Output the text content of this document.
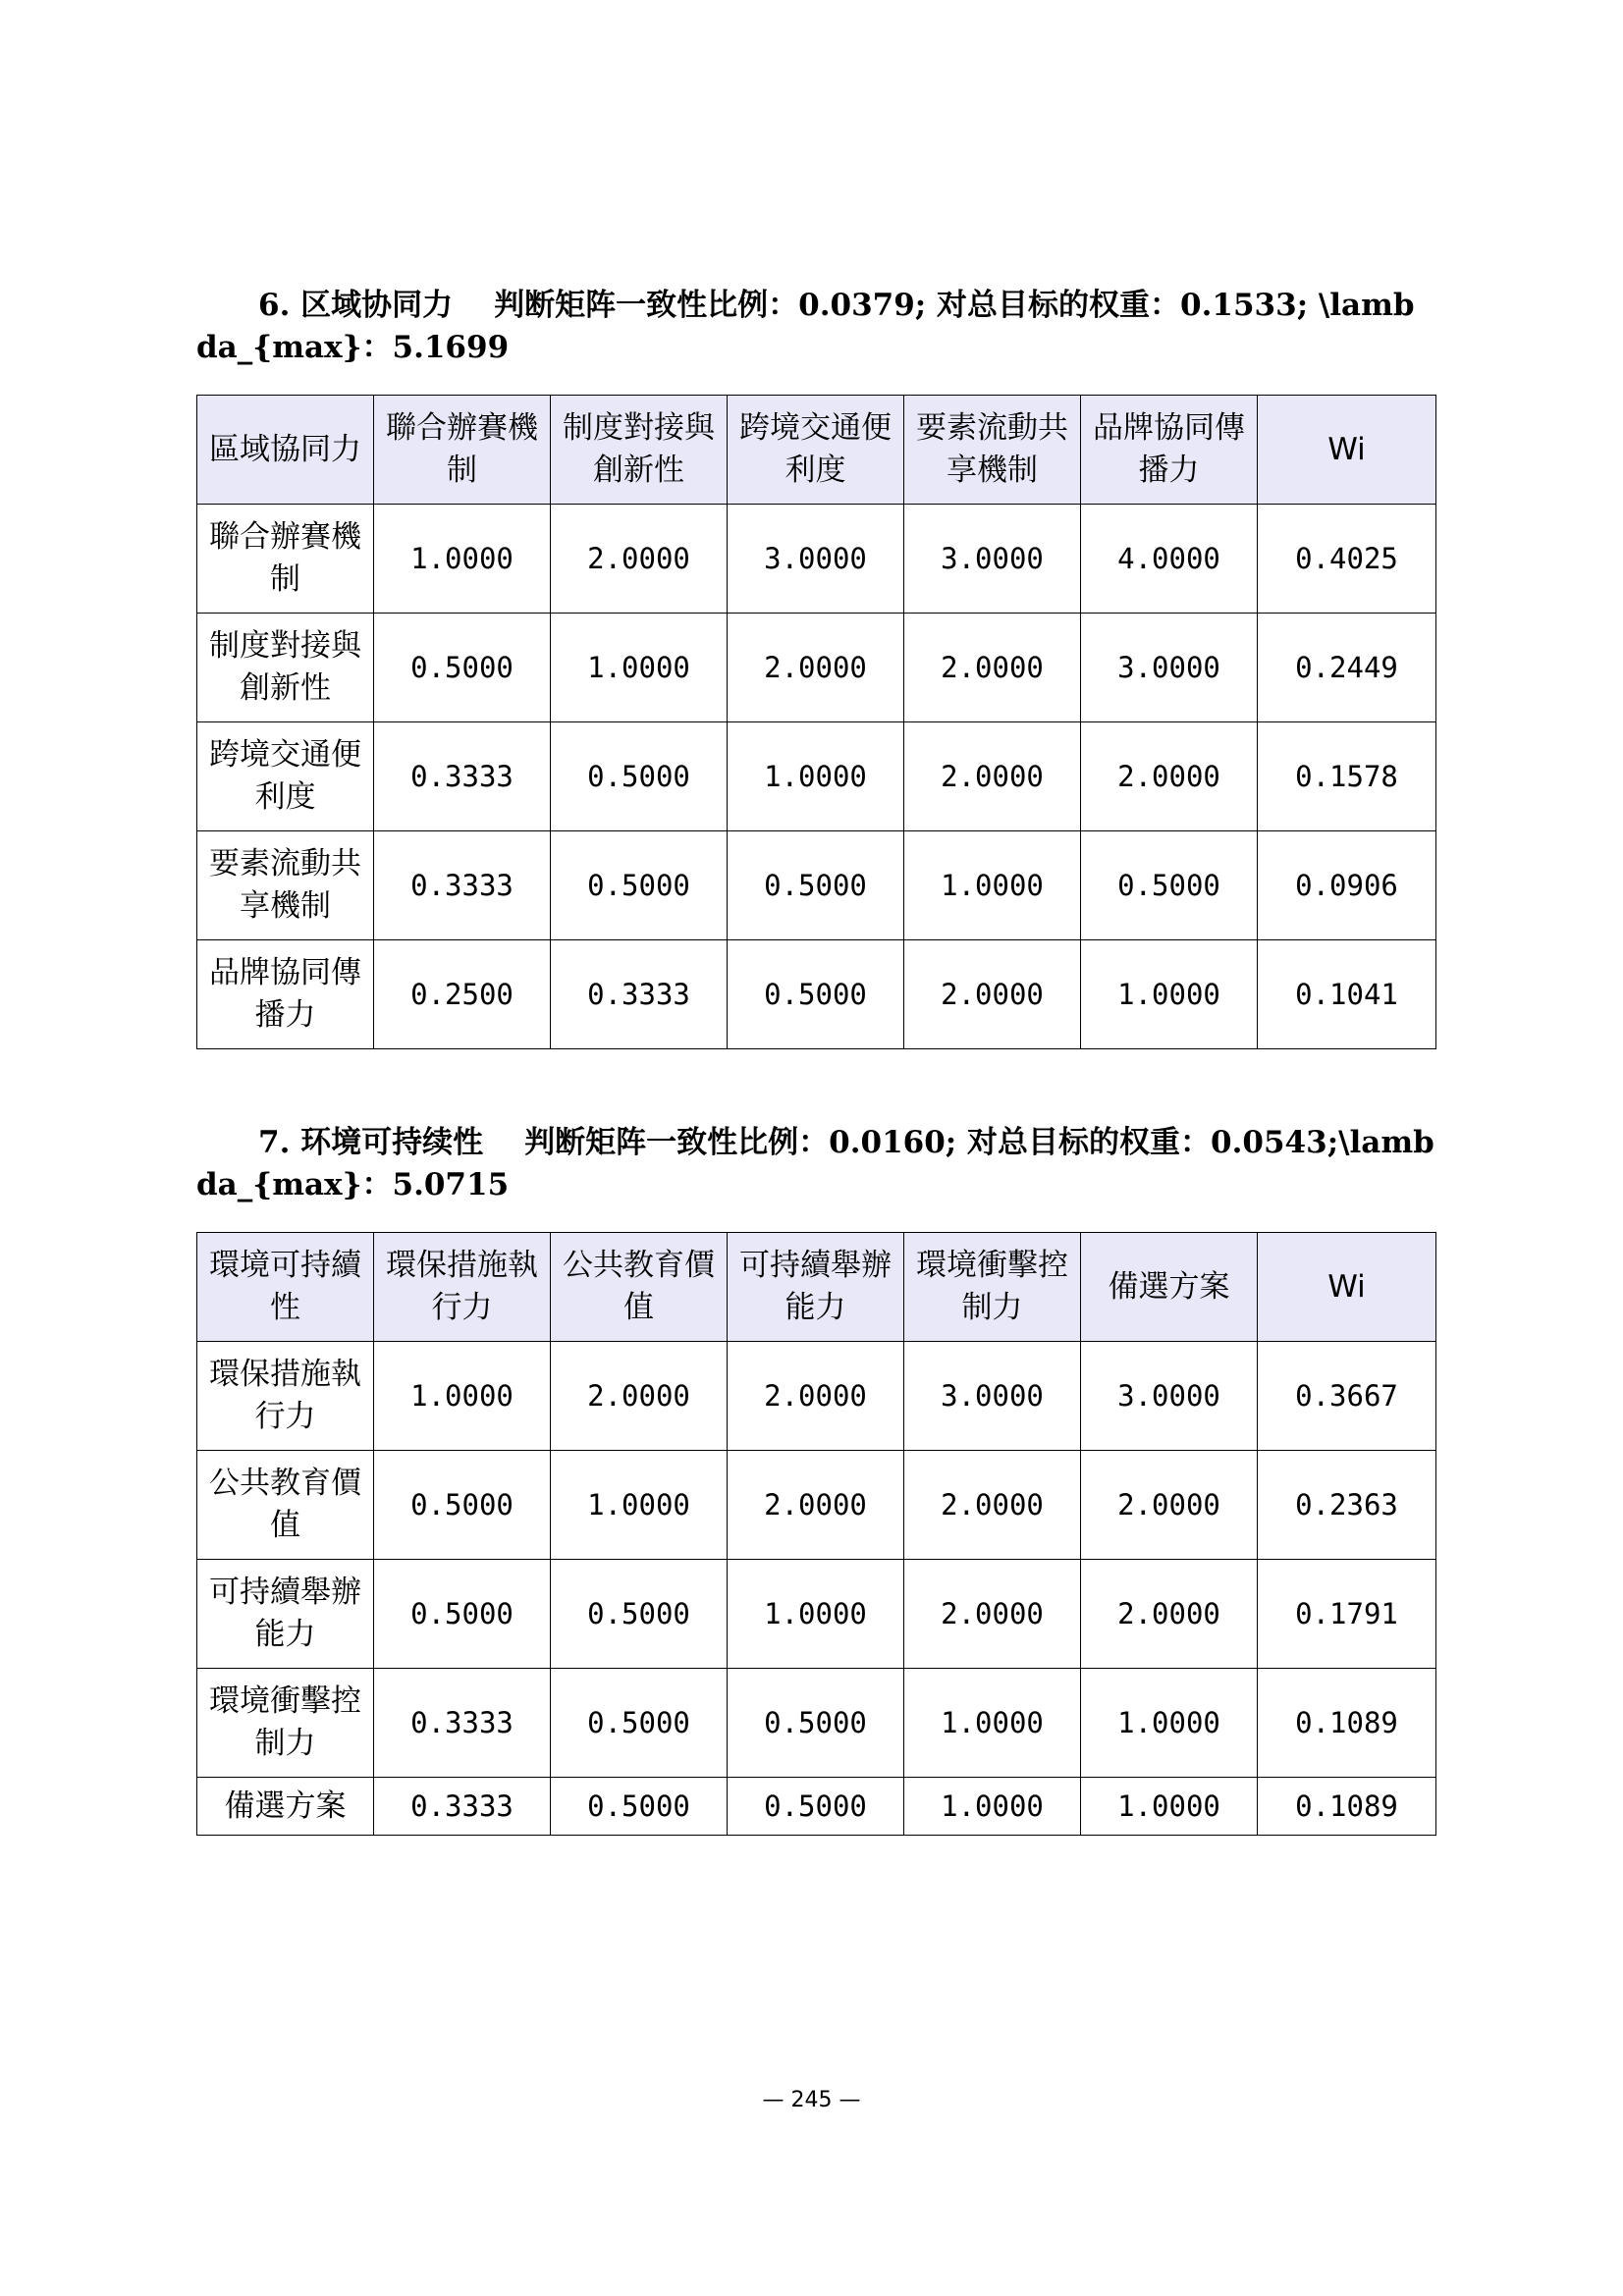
6. 区域协同力 判断矩阵一致性比例：0.0379; 对总目标的权重：0.1533; \lambda_{max}：5.1699

區域協同力	聯合辦賽機制	制度對接與創新性	跨境交通便利度	要素流動共享機制	品牌協同傳播力	Wi
聯合辦賽機制	1.0000	2.0000	3.0000	3.0000	4.0000	0.4025
制度對接與創新性	0.5000	1.0000	2.0000	2.0000	3.0000	0.2449
跨境交通便利度	0.3333	0.5000	1.0000	2.0000	2.0000	0.1578
要素流動共享機制	0.3333	0.5000	0.5000	1.0000	0.5000	0.0906
品牌協同傳播力	0.2500	0.3333	0.5000	2.0000	1.0000	0.1041

7. 环境可持续性 判断矩阵一致性比例：0.0160; 对总目标的权重：0.0543;\lambda_{max}：5.0715

環境可持續性	環保措施執行力	公共教育價值	可持續舉辦能力	環境衝擊控制力	備選方案	Wi
環保措施執行力	1.0000	2.0000	2.0000	3.0000	3.0000	0.3667
公共教育價值	0.5000	1.0000	2.0000	2.0000	2.0000	0.2363
可持續舉辦能力	0.5000	0.5000	1.0000	2.0000	2.0000	0.1791
環境衝擊控制力	0.3333	0.5000	0.5000	1.0000	1.0000	0.1089
備選方案	0.3333	0.5000	0.5000	1.0000	1.0000	0.1089
— 245 —
